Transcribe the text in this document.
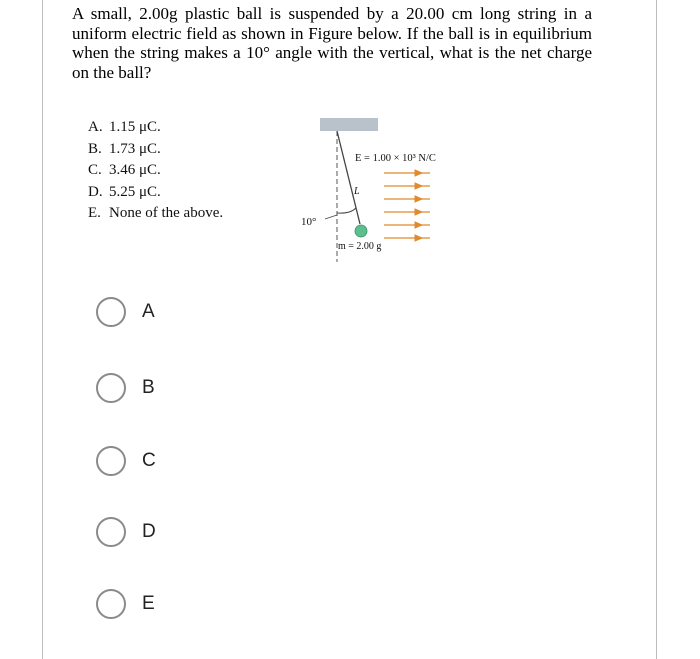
A small, 2.00g plastic ball is suspended by a 20.00 cm long string in a uniform electric field as shown in Figure below. If the ball is in equilibrium when the string makes a 10° angle with the vertical, what is the net charge on the ball?

A. 1.15 μC.
B. 1.73 μC.
C. 3.46 μC.
D. 5.25 μC.
E. None of the above.
10°
L
m = 2.00 g
E = 1.00 × 10³ N/C
A
B
C
D
E
